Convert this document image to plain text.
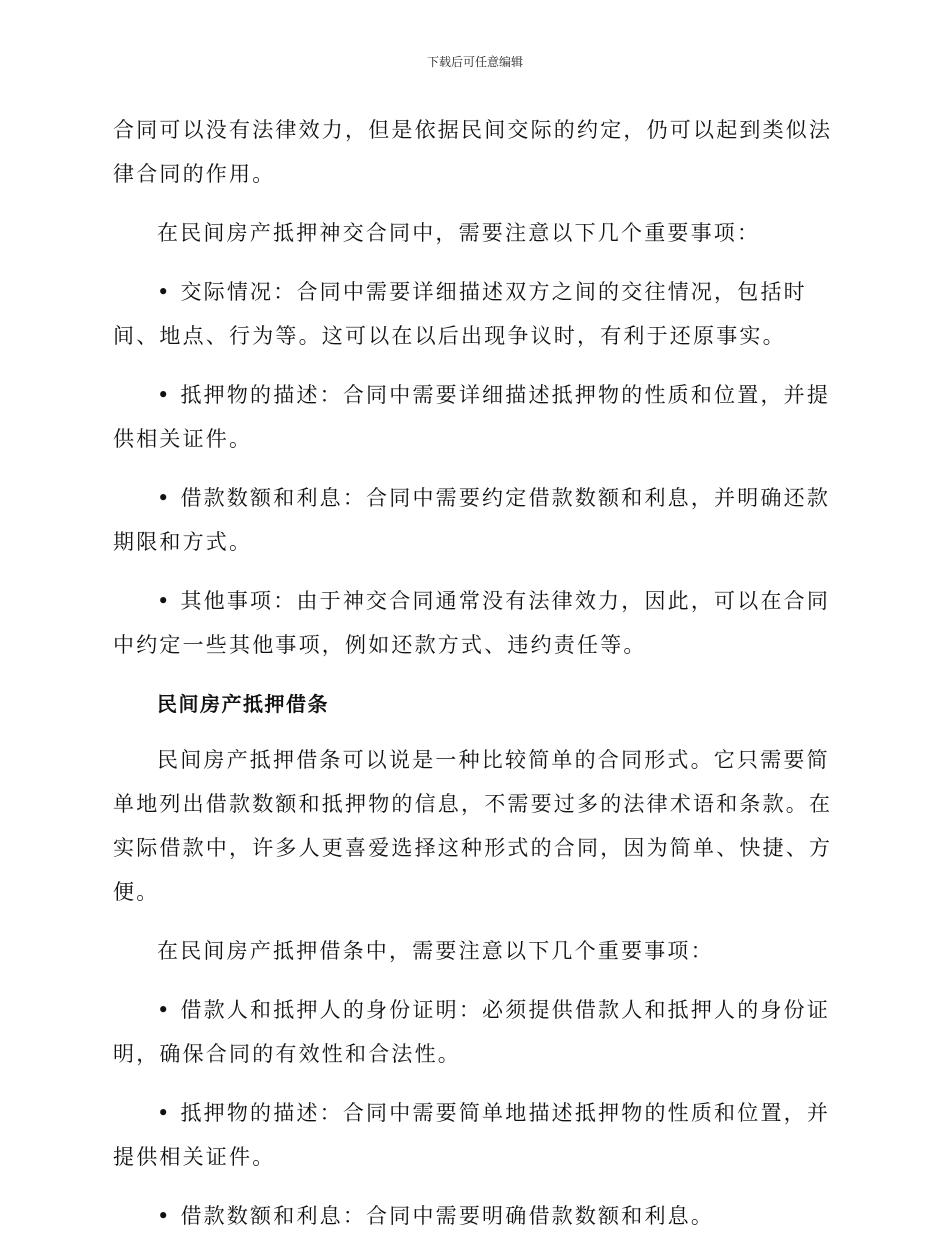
下载后可任意编辑

合同可以没有法律效力，但是依据民间交际的约定，仍可以起到类似法律合同的作用。

在民间房产抵押神交合同中，需要注意以下几个重要事项：

• 交际情况：合同中需要详细描述双方之间的交往情况，包括时间、地点、行为等。这可以在以后出现争议时，有利于还原事实。

• 抵押物的描述：合同中需要详细描述抵押物的性质和位置，并提供相关证件。

• 借款数额和利息：合同中需要约定借款数额和利息，并明确还款期限和方式。

• 其他事项：由于神交合同通常没有法律效力，因此，可以在合同中约定一些其他事项，例如还款方式、违约责任等。

民间房产抵押借条

民间房产抵押借条可以说是一种比较简单的合同形式。它只需要简单地列出借款数额和抵押物的信息，不需要过多的法律术语和条款。在实际借款中，许多人更喜爱选择这种形式的合同，因为简单、快捷、方便。

在民间房产抵押借条中，需要注意以下几个重要事项：

• 借款人和抵押人的身份证明：必须提供借款人和抵押人的身份证明，确保合同的有效性和合法性。

• 抵押物的描述：合同中需要简单地描述抵押物的性质和位置，并提供相关证件。

• 借款数额和利息：合同中需要明确借款数额和利息。
